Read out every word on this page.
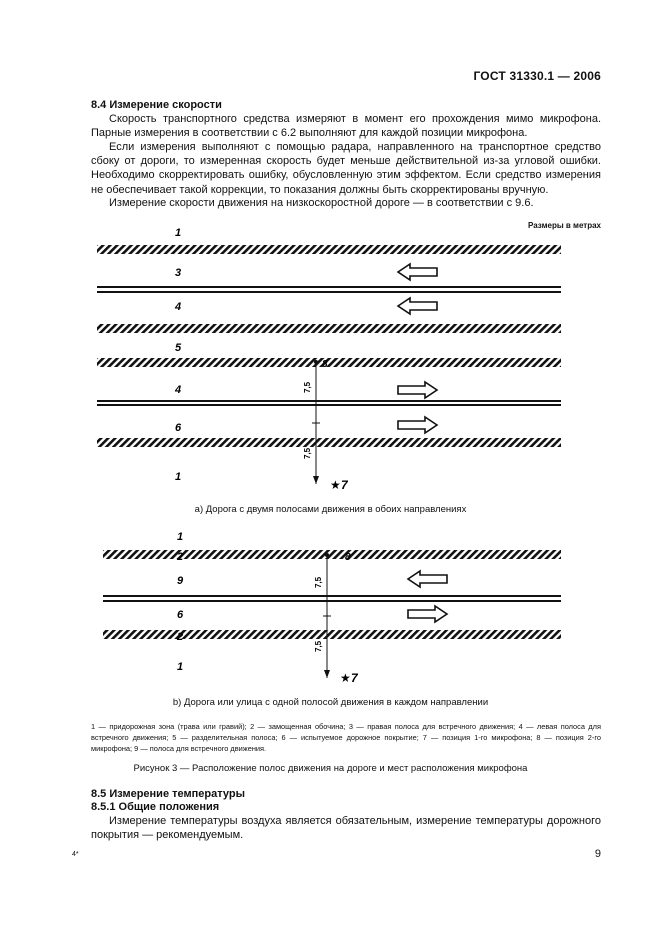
ГОСТ 31330.1 — 2006
8.4 Измерение скорости
Скорость транспортного средства измеряют в момент его прохождения мимо микрофона. Парные измерения в соответствии с 6.2 выполняют для каждой позиции микрофона.
Если измерения выполняют с помощью радара, направленного на транспортное средство сбоку от дороги, то измеренная скорость будет меньше действительной из-за угловой ошибки. Необходимо скорректировать ошибку, обусловленную этим эффектом. Если средство измерения не обеспечивает такой коррекции, то показания должны быть скорректированы вручную.
Измерение скорости движения на низкоскоростной дороге — в соответствии с 9.6.
Размеры в метрах
7,5
7,5
8
★ 7
1
3
4
5
4
6
1
7,5
7,5
8
★ 7
1
2
9
6
2
1
а) Дорога с двумя полосами движения в обоих направлениях
b) Дорога или улица с одной полосой движения в каждом направлении
1 — придорожная зона (трава или гравий); 2 — замощенная обочина; 3 — правая полоса для встречного движения; 4 — левая полоса для встречного движения; 5 — разделительная полоса; 6 — испытуемое дорожное покрытие; 7 — позиция 1-го микрофона; 8 — позиция 2-го микрофона; 9 — полоса для встречного движения.
Рисунок 3 — Расположение полос движения на дороге и мест расположения микрофона
8.5 Измерение температуры
8.5.1 Общие положения
Измерение температуры воздуха является обязательным, измерение температуры дорожного покрытия — рекомендуемым.
4*	9
